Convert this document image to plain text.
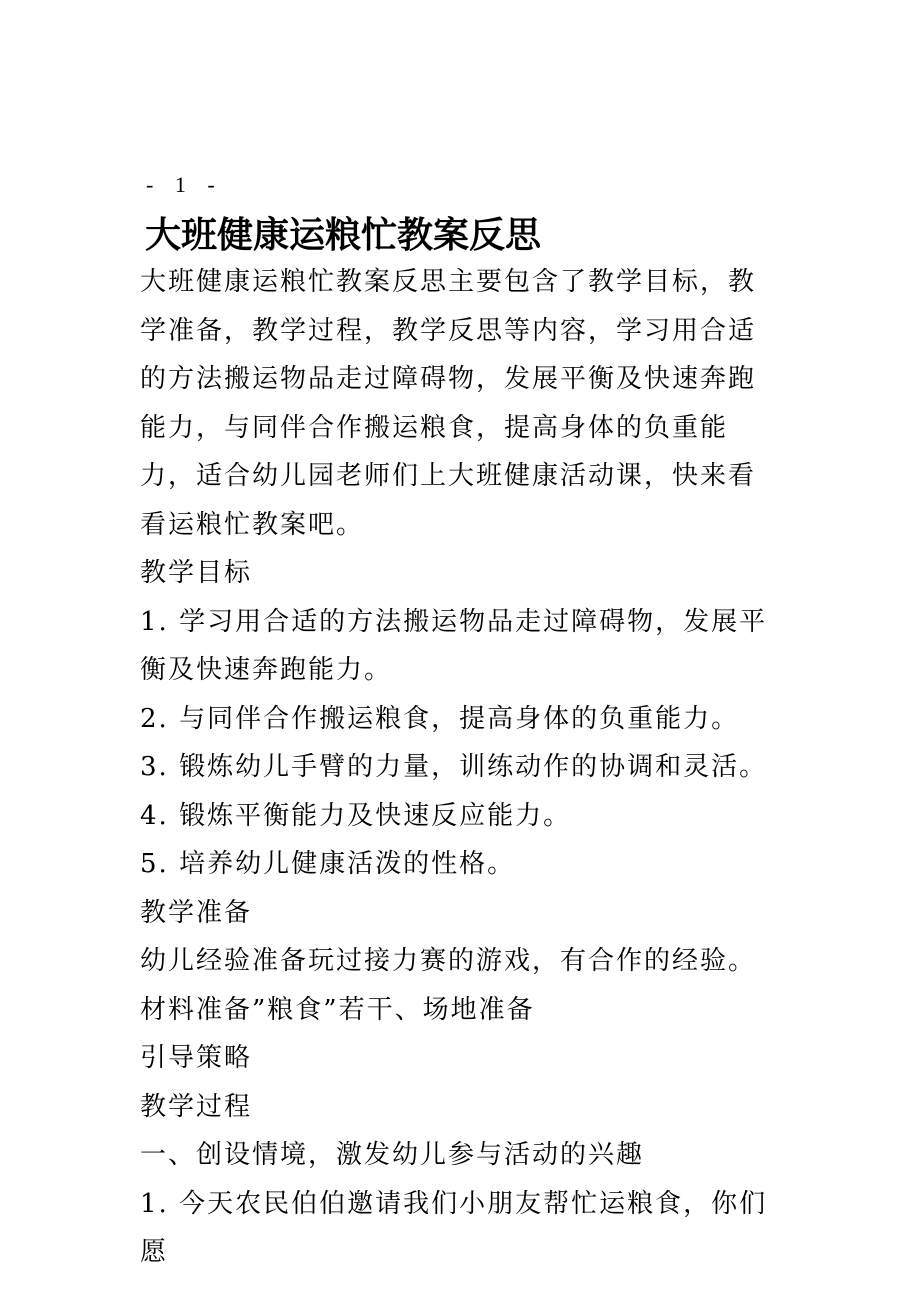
- 1 -
大班健康运粮忙教案反思

大班健康运粮忙教案反思主要包含了教学目标，教学准备，教学过程，教学反思等内容，学习用合适的方法搬运物品走过障碍物，发展平衡及快速奔跑能力，与同伴合作搬运粮食，提高身体的负重能力，适合幼儿园老师们上大班健康活动课，快来看看运粮忙教案吧。

教学目标

1. 学习用合适的方法搬运物品走过障碍物，发展平衡及快速奔跑能力。

2. 与同伴合作搬运粮食，提高身体的负重能力。

3. 锻炼幼儿手臂的力量，训练动作的协调和灵活。

4. 锻炼平衡能力及快速反应能力。

5. 培养幼儿健康活泼的性格。

教学准备

幼儿经验准备玩过接力赛的游戏，有合作的经验。

材料准备”粮食”若干、场地准备

引导策略

教学过程

一、创设情境，激发幼儿参与活动的兴趣

1. 今天农民伯伯邀请我们小朋友帮忙运粮食，你们愿
